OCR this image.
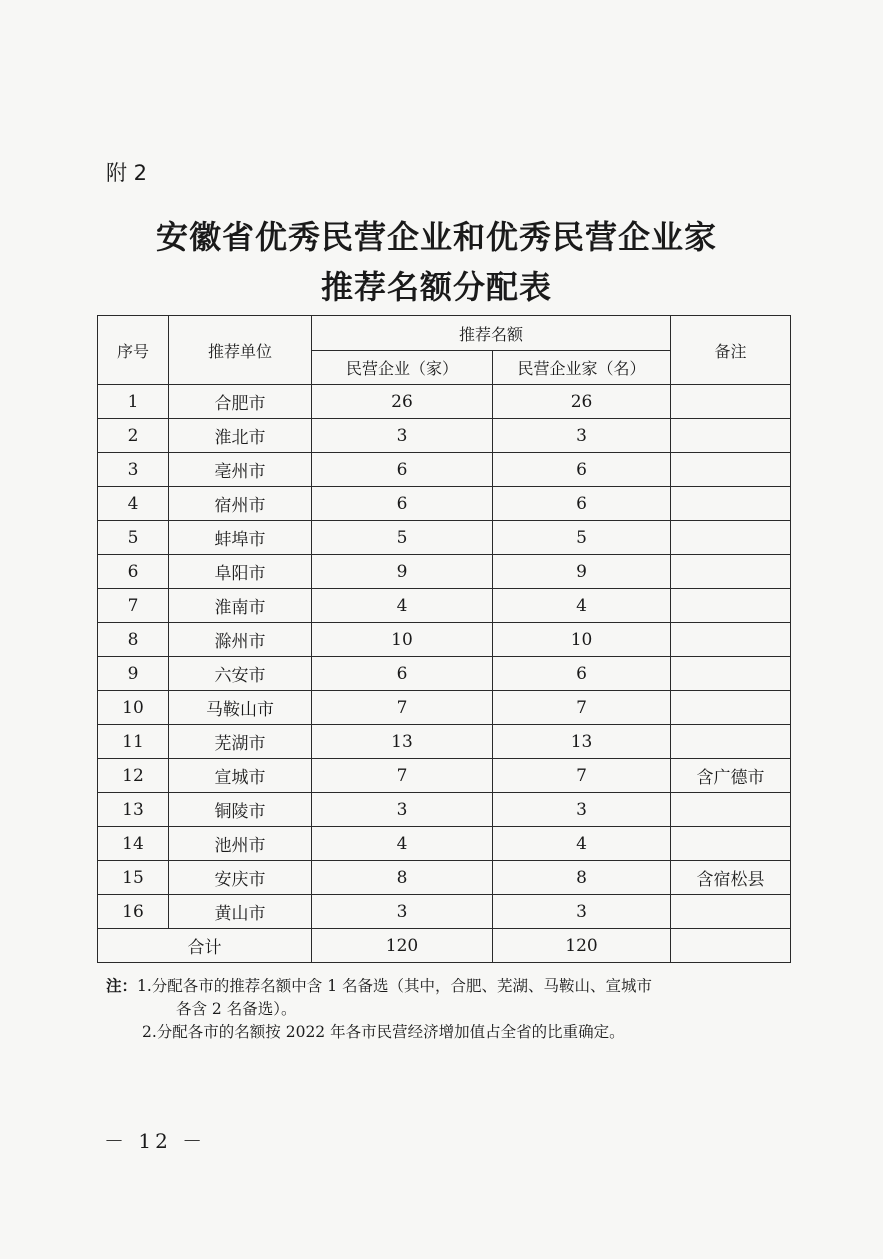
附 2
安徽省优秀民营企业和优秀民营企业家
推荐名额分配表
序号	推荐单位	推荐名额		备注
		民营企业（家）	民营企业家（名）	
1	合肥市	26	26	
2	淮北市	3	3	
3	亳州市	6	6	
4	宿州市	6	6	
5	蚌埠市	5	5	
6	阜阳市	9	9	
7	淮南市	4	4	
8	滁州市	10	10	
9	六安市	6	6	
10	马鞍山市	7	7	
11	芜湖市	13	13	
12	宣城市	7	7	含广德市
13	铜陵市	3	3	
14	池州市	4	4	
15	安庆市	8	8	含宿松县
16	黄山市	3	3	
合计		120	120	
注：1.分配各市的推荐名额中含 1 名备选（其中，合肥、芜湖、马鞍山、宣城市
各含 2 名备选）。
2.分配各市的名额按 2022 年各市民营经济增加值占全省的比重确定。
－ 12 －
